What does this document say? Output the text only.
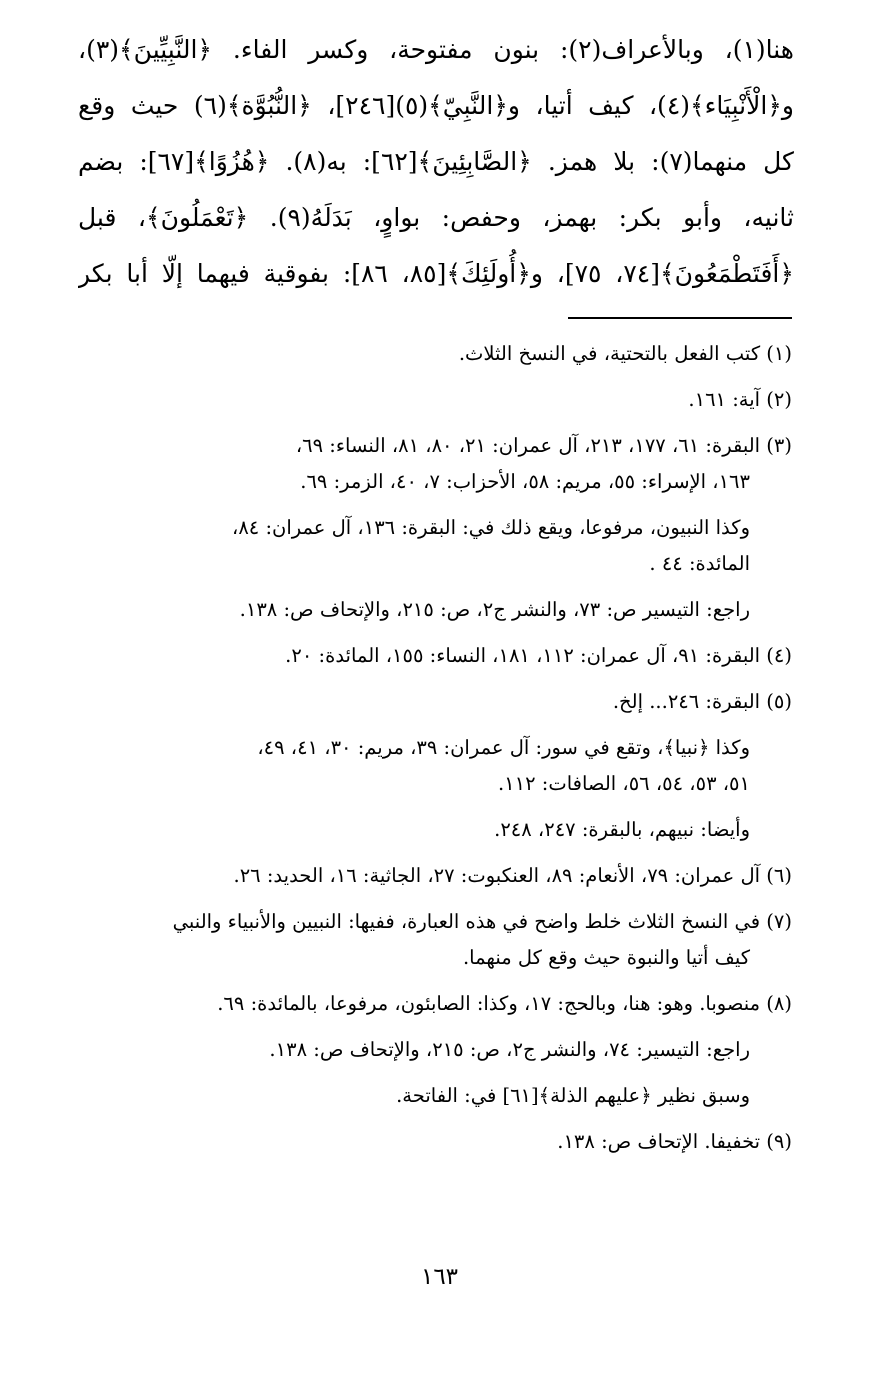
هنا(١)، وبالأعراف(٢): بنون مفتوحة، وكسر الفاء. ﴿النَّبِيِّينَ﴾(٣)،
و﴿الْأَنْبِيَاء﴾(٤)، كيف أتيا، و﴿النَّبِيّ﴾(٥)[٢٤٦]، ﴿النُّبُوَّة﴾(٦) حيث وقع
كل منهما(٧): بلا همز. ﴿الصَّابِئِينَ﴾[٦٢]: به(٨). ﴿هُزُوًا﴾[٦٧]: بضم
ثانيه، وأبو بكر: بهمز، وحفص: بواوٍ، بَدَلَهُ(٩). ﴿تَعْمَلُونَ﴾، قبل
﴿أَفَتَطْمَعُونَ﴾[٧٤، ٧٥]، و﴿أُولَئِكَ﴾[٨٥، ٨٦]: بفوقية فيهما إلّا أبا بكر
(١) كتب الفعل بالتحتية، في النسخ الثلاث.
(٢) آية: ١٦١.
(٣) البقرة: ٦١، ١٧٧، ٢١٣، آل عمران: ٢١، ٨٠، ٨١، النساء: ٦٩،
١٦٣، الإسراء: ٥٥، مريم: ٥٨، الأحزاب: ٧، ٤٠، الزمر: ٦٩.
وكذا النبيون، مرفوعا، ويقع ذلك في: البقرة: ١٣٦، آل عمران: ٨٤،
المائدة: ٤٤ .
راجع: التيسير ص: ٧٣، والنشر ج٢، ص: ٢١٥، والإتحاف ص: ١٣٨.
(٤) البقرة: ٩١، آل عمران: ١١٢، ١٨١، النساء: ١٥٥، المائدة: ٢٠.
(٥) البقرة: ٢٤٦... إلخ.
وكذا ﴿نبيا﴾، وتقع في سور: آل عمران: ٣٩، مريم: ٣٠، ٤١، ٤٩،
٥١، ٥٣، ٥٤، ٥٦، الصافات: ١١٢.
وأيضا: نبيهم، بالبقرة: ٢٤٧، ٢٤٨.
(٦) آل عمران: ٧٩، الأنعام: ٨٩، العنكبوت: ٢٧، الجاثية: ١٦، الحديد: ٢٦.
(٧) في النسخ الثلاث خلط واضح في هذه العبارة، ففيها: النبيين والأنبياء والنبي
كيف أتيا والنبوة حيث وقع كل منهما.
(٨) منصوبا. وهو: هنا، وبالحج: ١٧، وكذا: الصابئون، مرفوعا، بالمائدة: ٦٩.
راجع: التيسير: ٧٤، والنشر ج٢، ص: ٢١٥، والإتحاف ص: ١٣٨.
وسبق نظير ﴿عليهم الذلة﴾[٦١] في: الفاتحة.
(٩) تخفيفا. الإتحاف ص: ١٣٨.
١٦٣
